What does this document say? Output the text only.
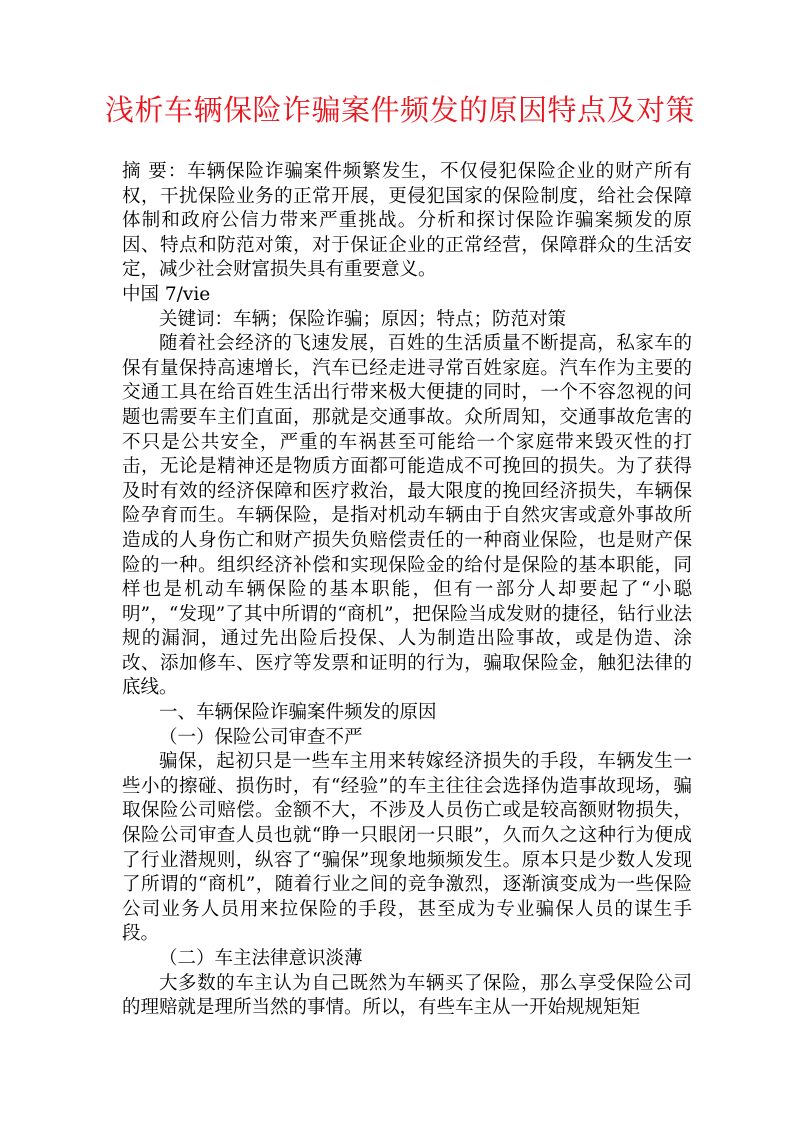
浅析车辆保险诈骗案件频发的原因特点及对策

摘 要：车辆保险诈骗案件频繁发生，不仅侵犯保险企业的财产所有权，干扰保险业务的正常开展，更侵犯国家的保险制度，给社会保障体制和政府公信力带来严重挑战。分析和探讨保险诈骗案频发的原因、特点和防范对策，对于保证企业的正常经营，保障群众的生活安定，减少社会财富损失具有重要意义。

中国 7/vie

关键词：车辆；保险诈骗；原因；特点；防范对策

随着社会经济的飞速发展，百姓的生活质量不断提高，私家车的保有量保持高速增长，汽车已经走进寻常百姓家庭。汽车作为主要的交通工具在给百姓生活出行带来极大便捷的同时，一个不容忽视的问题也需要车主们直面，那就是交通事故。众所周知，交通事故危害的不只是公共安全，严重的车祸甚至可能给一个家庭带来毁灭性的打击，无论是精神还是物质方面都可能造成不可挽回的损失。为了获得及时有效的经济保障和医疗救治，最大限度的挽回经济损失，车辆保险孕育而生。车辆保险，是指对机动车辆由于自然灾害或意外事故所造成的人身伤亡和财产损失负赔偿责任的一种商业保险，也是财产保险的一种。组织经济补偿和实现保险金的给付是保险的基本职能，同样也是机动车辆保险的基本职能，但有一部分人却要起了“小聪明”，“发现”了其中所谓的“商机”，把保险当成发财的捷径，钻行业法规的漏洞，通过先出险后投保、人为制造出险事故，或是伪造、涂改、添加修车、医疗等发票和证明的行为，骗取保险金，触犯法律的底线。

一、车辆保险诈骗案件频发的原因

（一）保险公司审查不严

骗保，起初只是一些车主用来转嫁经济损失的手段，车辆发生一些小的擦碰、损伤时，有“经验”的车主往往会选择伪造事故现场，骗取保险公司赔偿。金额不大，不涉及人员伤亡或是较高额财物损失，保险公司审查人员也就“睁一只眼闭一只眼”，久而久之这种行为便成了行业潜规则，纵容了“骗保”现象地频频发生。原本只是少数人发现了所谓的“商机”，随着行业之间的竞争激烈，逐渐演变成为一些保险公司业务人员用来拉保险的手段，甚至成为专业骗保人员的谋生手段。

（二）车主法律意识淡薄

大多数的车主认为自己既然为车辆买了保险，那么享受保险公司的理赔就是理所当然的事情。所以，有些车主从一开始规规矩矩
